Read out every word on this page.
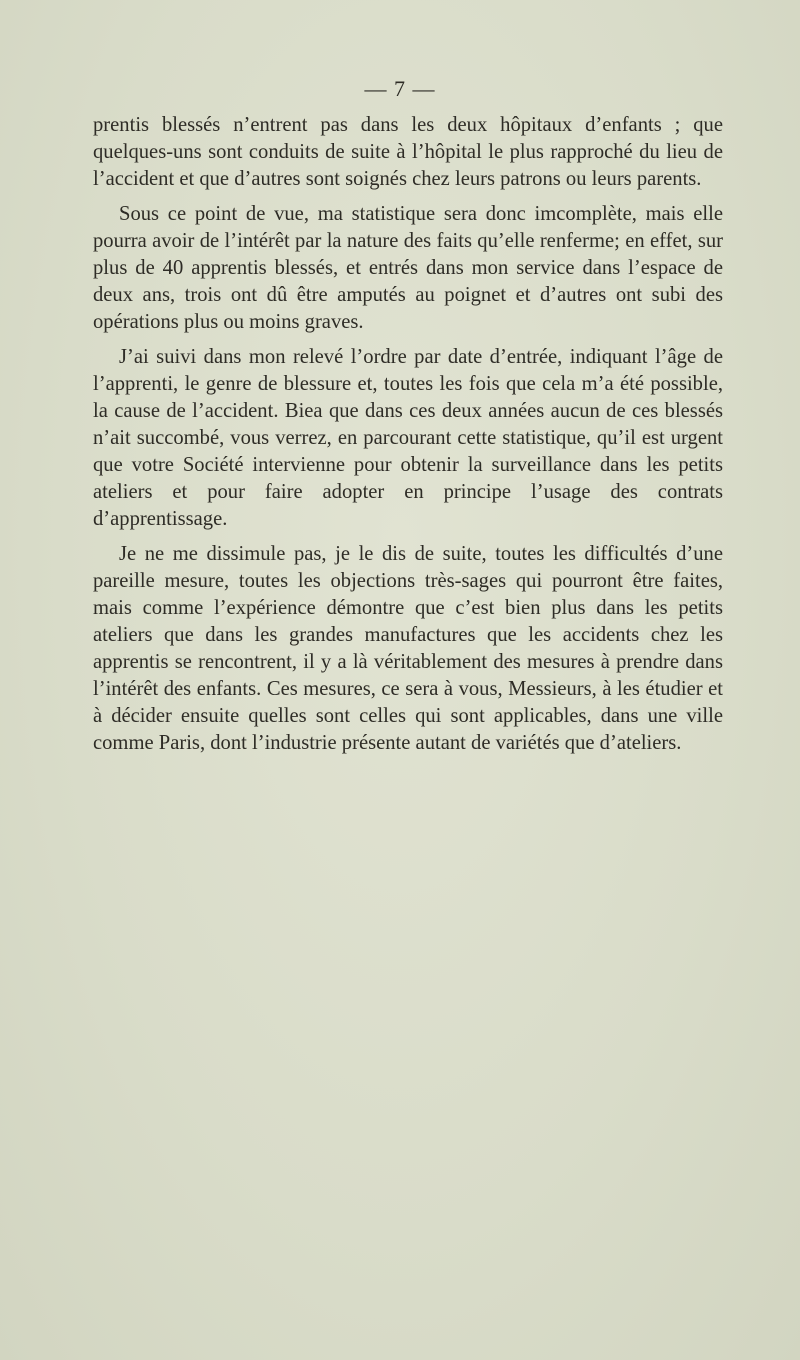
— 7 —

prentis blessés n’entrent pas dans les deux hôpitaux d’enfants ; que quelques-uns sont conduits de suite à l’hôpital le plus rapproché du lieu de l’accident et que d’autres sont soignés chez leurs patrons ou leurs parents.

Sous ce point de vue, ma statistique sera donc imcomplète, mais elle pourra avoir de l’intérêt par la nature des faits qu’elle renferme; en effet, sur plus de 40 apprentis blessés, et entrés dans mon service dans l’espace de deux ans, trois ont dû être amputés au poignet et d’autres ont subi des opérations plus ou moins graves.

J’ai suivi dans mon relevé l’ordre par date d’entrée, indiquant l’âge de l’apprenti, le genre de blessure et, toutes les fois que cela m’a été possible, la cause de l’accident. Biea que dans ces deux années aucun de ces blessés n’ait succombé, vous verrez, en parcourant cette statistique, qu’il est urgent que votre Société intervienne pour obtenir la surveillance dans les petits ateliers et pour faire adopter en principe l’usage des contrats d’apprentissage.

Je ne me dissimule pas, je le dis de suite, toutes les difficultés d’une pareille mesure, toutes les objections très-sages qui pourront être faites, mais comme l’expérience démontre que c’est bien plus dans les petits ateliers que dans les grandes manufactures que les accidents chez les apprentis se rencontrent, il y a là véritablement des mesures à prendre dans l’intérêt des enfants. Ces mesures, ce sera à vous, Messieurs, à les étudier et à décider ensuite quelles sont celles qui sont applicables, dans une ville comme Paris, dont l’industrie présente autant de variétés que d’ateliers.
